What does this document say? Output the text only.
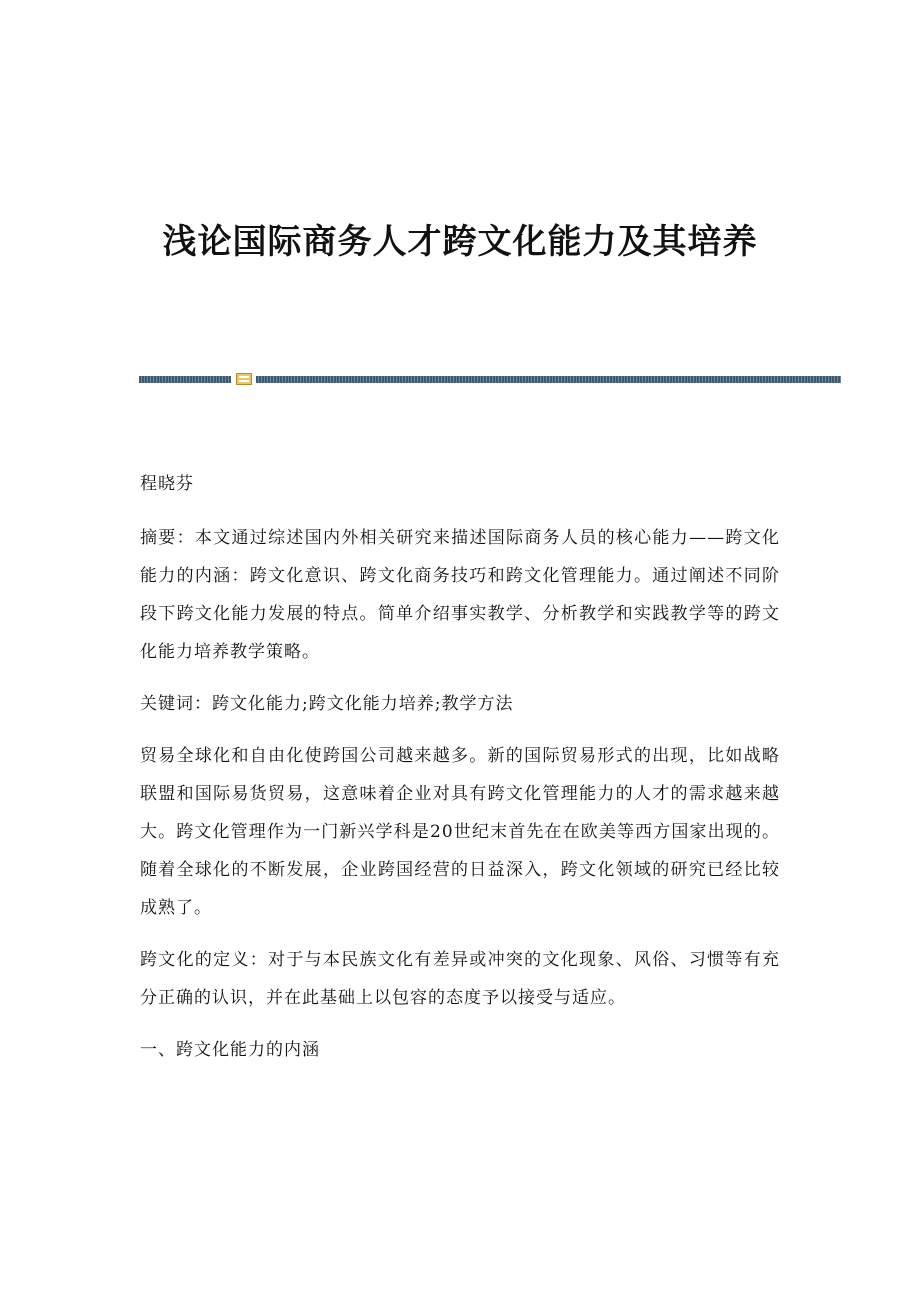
浅论国际商务人才跨文化能力及其培养

程晓芬

摘要：本文通过综述国内外相关研究来描述国际商务人员的核心能力——跨文化能力的内涵：跨文化意识、跨文化商务技巧和跨文化管理能力。通过阐述不同阶段下跨文化能力发展的特点。简单介绍事实教学、分析教学和实践教学等的跨文化能力培养教学策略。

关键词：跨文化能力;跨文化能力培养;教学方法

贸易全球化和自由化使跨国公司越来越多。新的国际贸易形式的出现，比如战略联盟和国际易货贸易，这意味着企业对具有跨文化管理能力的人才的需求越来越大。跨文化管理作为一门新兴学科是20世纪末首先在在欧美等西方国家出现的。随着全球化的不断发展，企业跨国经营的日益深入，跨文化领域的研究已经比较成熟了。

跨文化的定义：对于与本民族文化有差异或冲突的文化现象、风俗、习惯等有充分正确的认识，并在此基础上以包容的态度予以接受与适应。

一、跨文化能力的内涵
